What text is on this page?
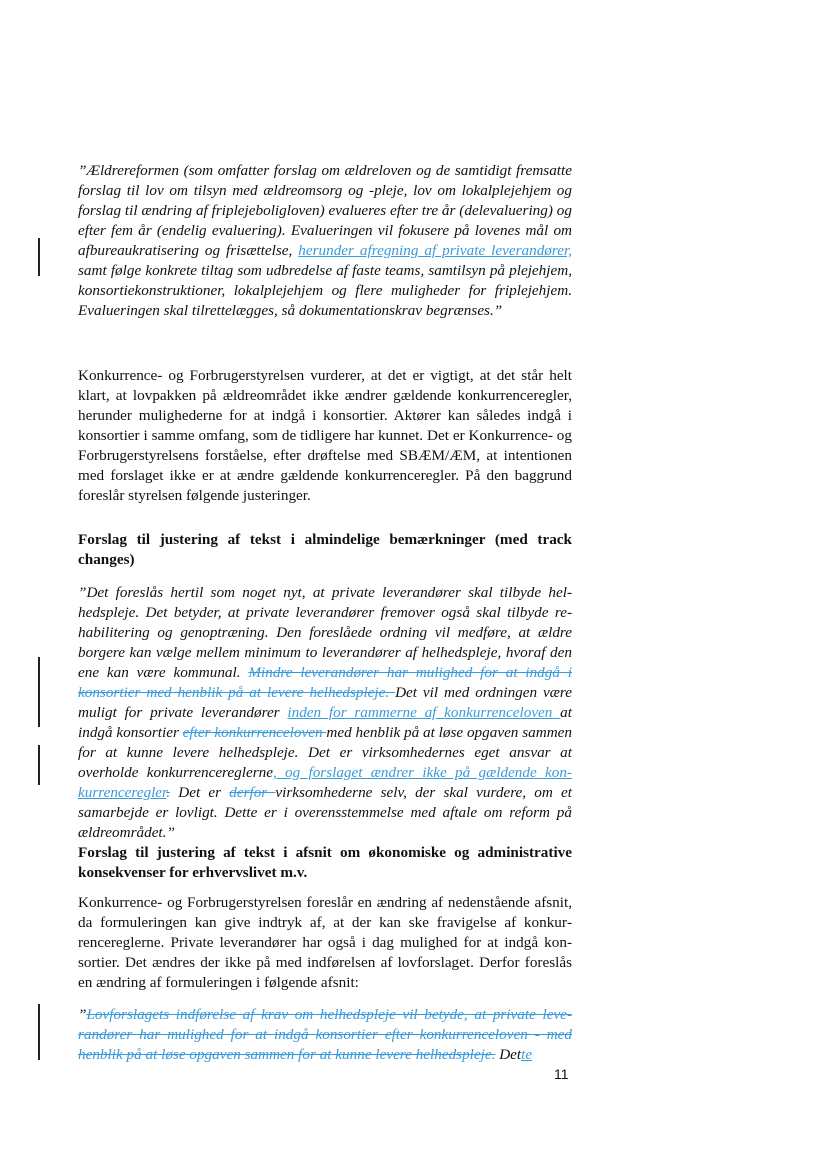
”Ældrereformen (som omfatter forslag om ældreloven og de samtidigt fremsatte forslag til lov om tilsyn med ældreomsorg og -pleje, lov om lokalplejehjem og forslag til ændring af friplejeboligloven) evalueres efter tre år (delevaluering) og efter fem år (endelig evaluering). Evalueringen vil fokusere på lovenes mål om afbureaukratisering og frisættelse, herunder afregning af private leverandører, samt følge konkrete tiltag som udbredelse af faste teams, samtilsyn på plejehjem, konsortiekonstruktioner, lokalplejehjem og flere muligheder for friplejehjem. Evalueringen skal tilrettelægges, så dokumentationskrav begrænses.”
Konkurrence- og Forbrugerstyrelsen vurderer, at det er vigtigt, at det står helt klart, at lovpakken på ældreområdet ikke ændrer gældende konkurrenceregler, herunder mulighederne for at indgå i konsortier. Aktører kan således indgå i konsortier i samme omfang, som de tidligere har kunnet. Det er Konkurrence- og Forbrugerstyrelsens forståelse, efter drøftelse med SBÆM/ÆM, at intentionen med forslaget ikke er at ændre gældende konkurrenceregler. På den baggrund foreslår styrelsen følgende justeringer.
Forslag til justering af tekst i almindelige bemærkninger (med track changes)
”Det foreslås hertil som noget nyt, at private leverandører skal tilbyde helhedspleje. Det betyder, at private leverandører fremover også skal tilbyde rehabilitering og genoptræning. Den foreslåede ordning vil medføre, at ældre borgere kan vælge mellem minimum to leverandører af helhedspleje, hvoraf den ene kan være kommunal. Mindre leverandører har mulighed for at indgå i konsortier med henblik på at levere helhedspleje. Det vil med ordningen være muligt for private leverandører inden for rammerne af konkurrenceloven at indgå konsortier efter konkurrenceloven med henblik på at løse opgaven sammen for at kunne levere helhedspleje. Det er virksomhedernes eget ansvar at overholde konkurrencereglerne, og forslaget ændrer ikke på gældende konkurrenceregler. Det er derfor virksomhederne selv, der skal vurdere, om et samarbejde er lovligt. Dette er i overensstemmelse med aftale om reform på ældreområdet.”
Forslag til justering af tekst i afsnit om økonomiske og administrative konsekvenser for erhvervslivet m.v.
Konkurrence- og Forbrugerstyrelsen foreslår en ændring af nedenstående afsnit, da formuleringen kan give indtryk af, at der kan ske fravigelse af konkurrencereglerne. Private leverandører har også i dag mulighed for at indgå konsortier. Det ændres der ikke på med indførelsen af lovforslaget. Derfor foreslås en ændring af formuleringen i følgende afsnit:
”Lovforslagets indførelse af krav om helhedspleje vil betyde, at private leverandører har mulighed for at indgå konsortier efter konkurrenceloven - med henblik på at løse opgaven sammen for at kunne levere helhedspleje. Dette
11
